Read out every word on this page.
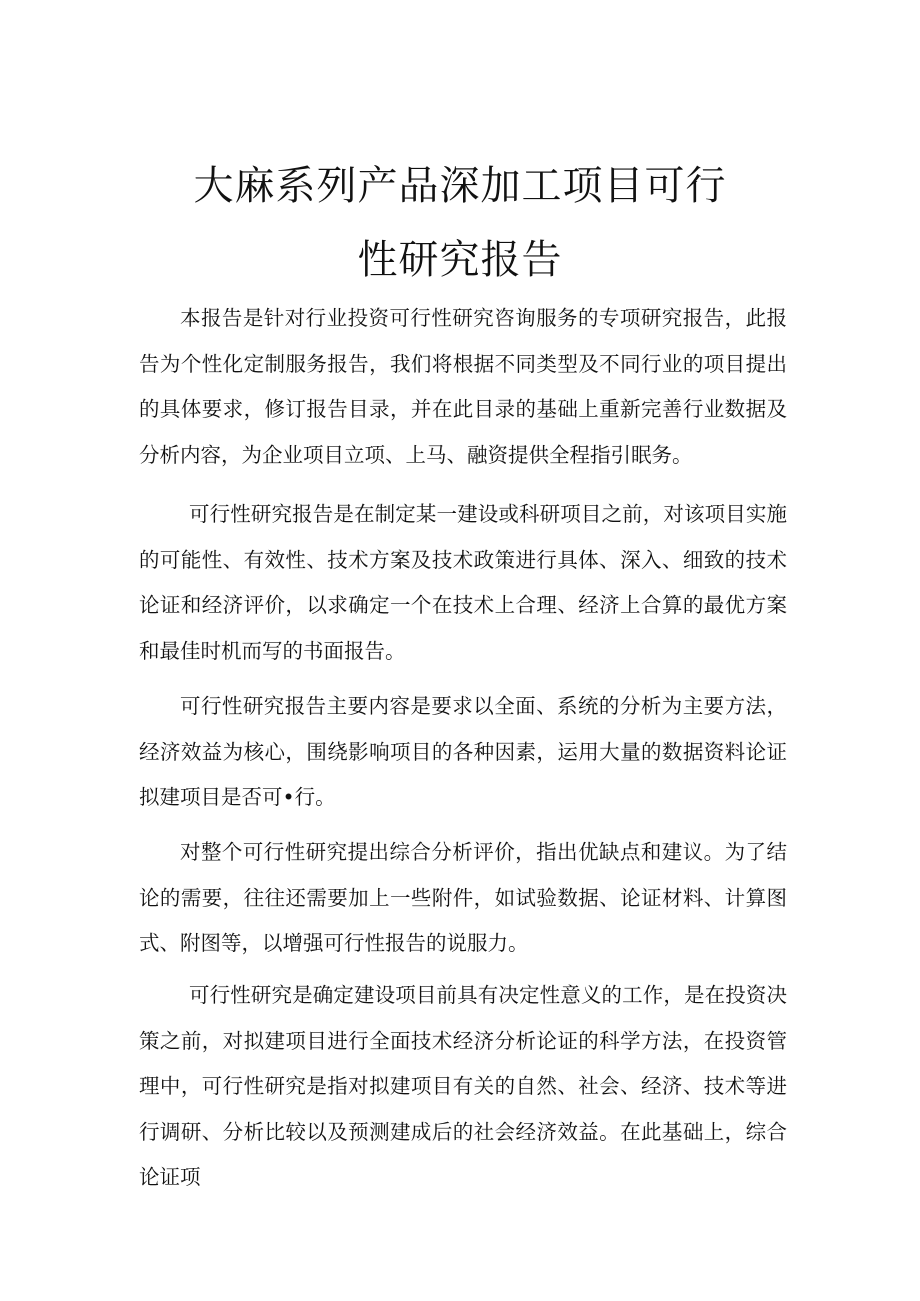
大麻系列产品深加工项目可行
性研究报告

本报告是针对行业投资可行性研究咨询服务的专项研究报告，此报告为个性化定制服务报告，我们将根据不同类型及不同行业的项目提出的具体要求，修订报告目录，并在此目录的基础上重新完善行业数据及分析内容，为企业项目立项、上马、融资提供全程指引眠务。

可行性研究报告是在制定某一建设或科研项目之前，对该项目实施的可能性、有效性、技术方案及技术政策进行具体、深入、细致的技术论证和经济评价，以求确定一个在技术上合理、经济上合算的最优方案和最佳时机而写的书面报告。

可行性研究报告主要内容是要求以全面、系统的分析为主要方法，经济效益为核心，围绕影响项目的各种因素，运用大量的数据资料论证拟建项目是否可•行。

对整个可行性研究提出综合分析评价，指出优缺点和建议。为了结论的需要，往往还需要加上一些附件，如试验数据、论证材料、计算图式、附图等，以增强可行性报告的说服力。

可行性研究是确定建设项目前具有决定性意义的工作，是在投资决策之前，对拟建项目进行全面技术经济分析论证的科学方法，在投资管理中，可行性研究是指对拟建项目有关的自然、社会、经济、技术等进行调研、分析比较以及预测建成后的社会经济效益。在此基础上，综合论证项
